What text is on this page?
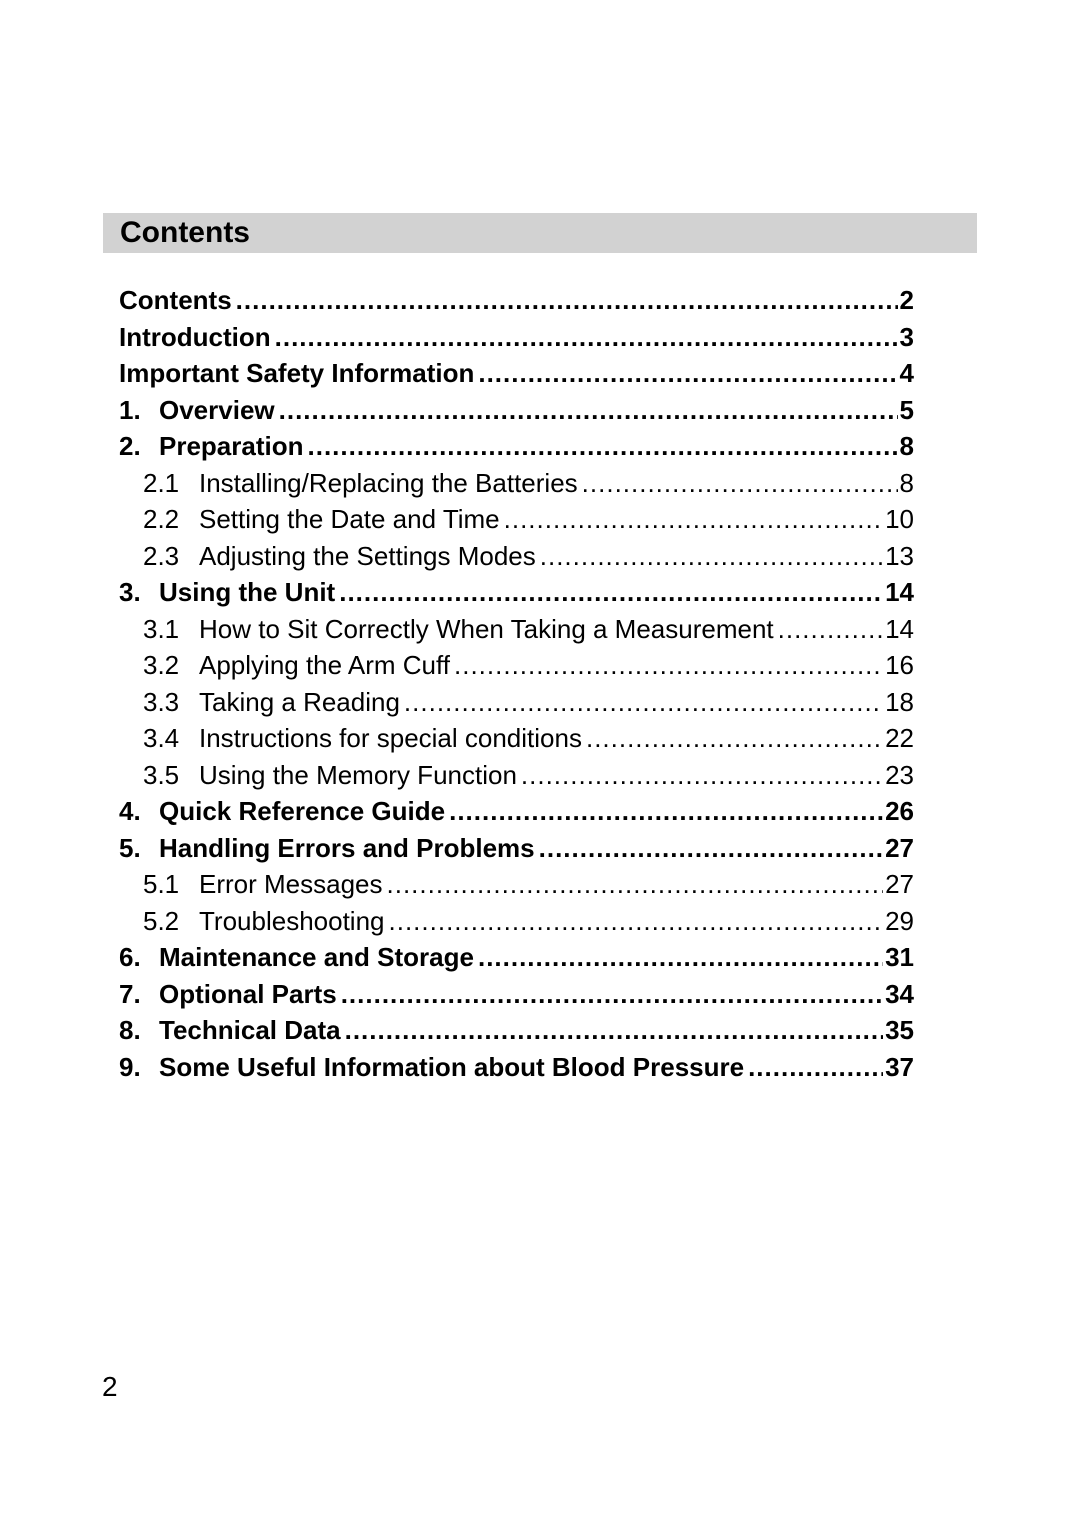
Contents
Contents .....	2
Introduction .....	3
Important Safety Information .....	4
1. Overview .....	5
2. Preparation .....	8
2.1 Installing/Replacing the Batteries .....	8
2.2 Setting the Date and Time .....	10
2.3 Adjusting the Settings Modes .....	13
3. Using the Unit .....	14
3.1 How to Sit Correctly When Taking a Measurement .....	14
3.2 Applying the Arm Cuff .....	16
3.3 Taking a Reading .....	18
3.4 Instructions for special conditions .....	22
3.5 Using the Memory Function .....	23
4. Quick Reference Guide .....	26
5. Handling Errors and Problems .....	27
5.1 Error Messages .....	27
5.2 Troubleshooting .....	29
6. Maintenance and Storage .....	31
7. Optional Parts .....	34
8. Technical Data .....	35
9. Some Useful Information about Blood Pressure .....	37
2
